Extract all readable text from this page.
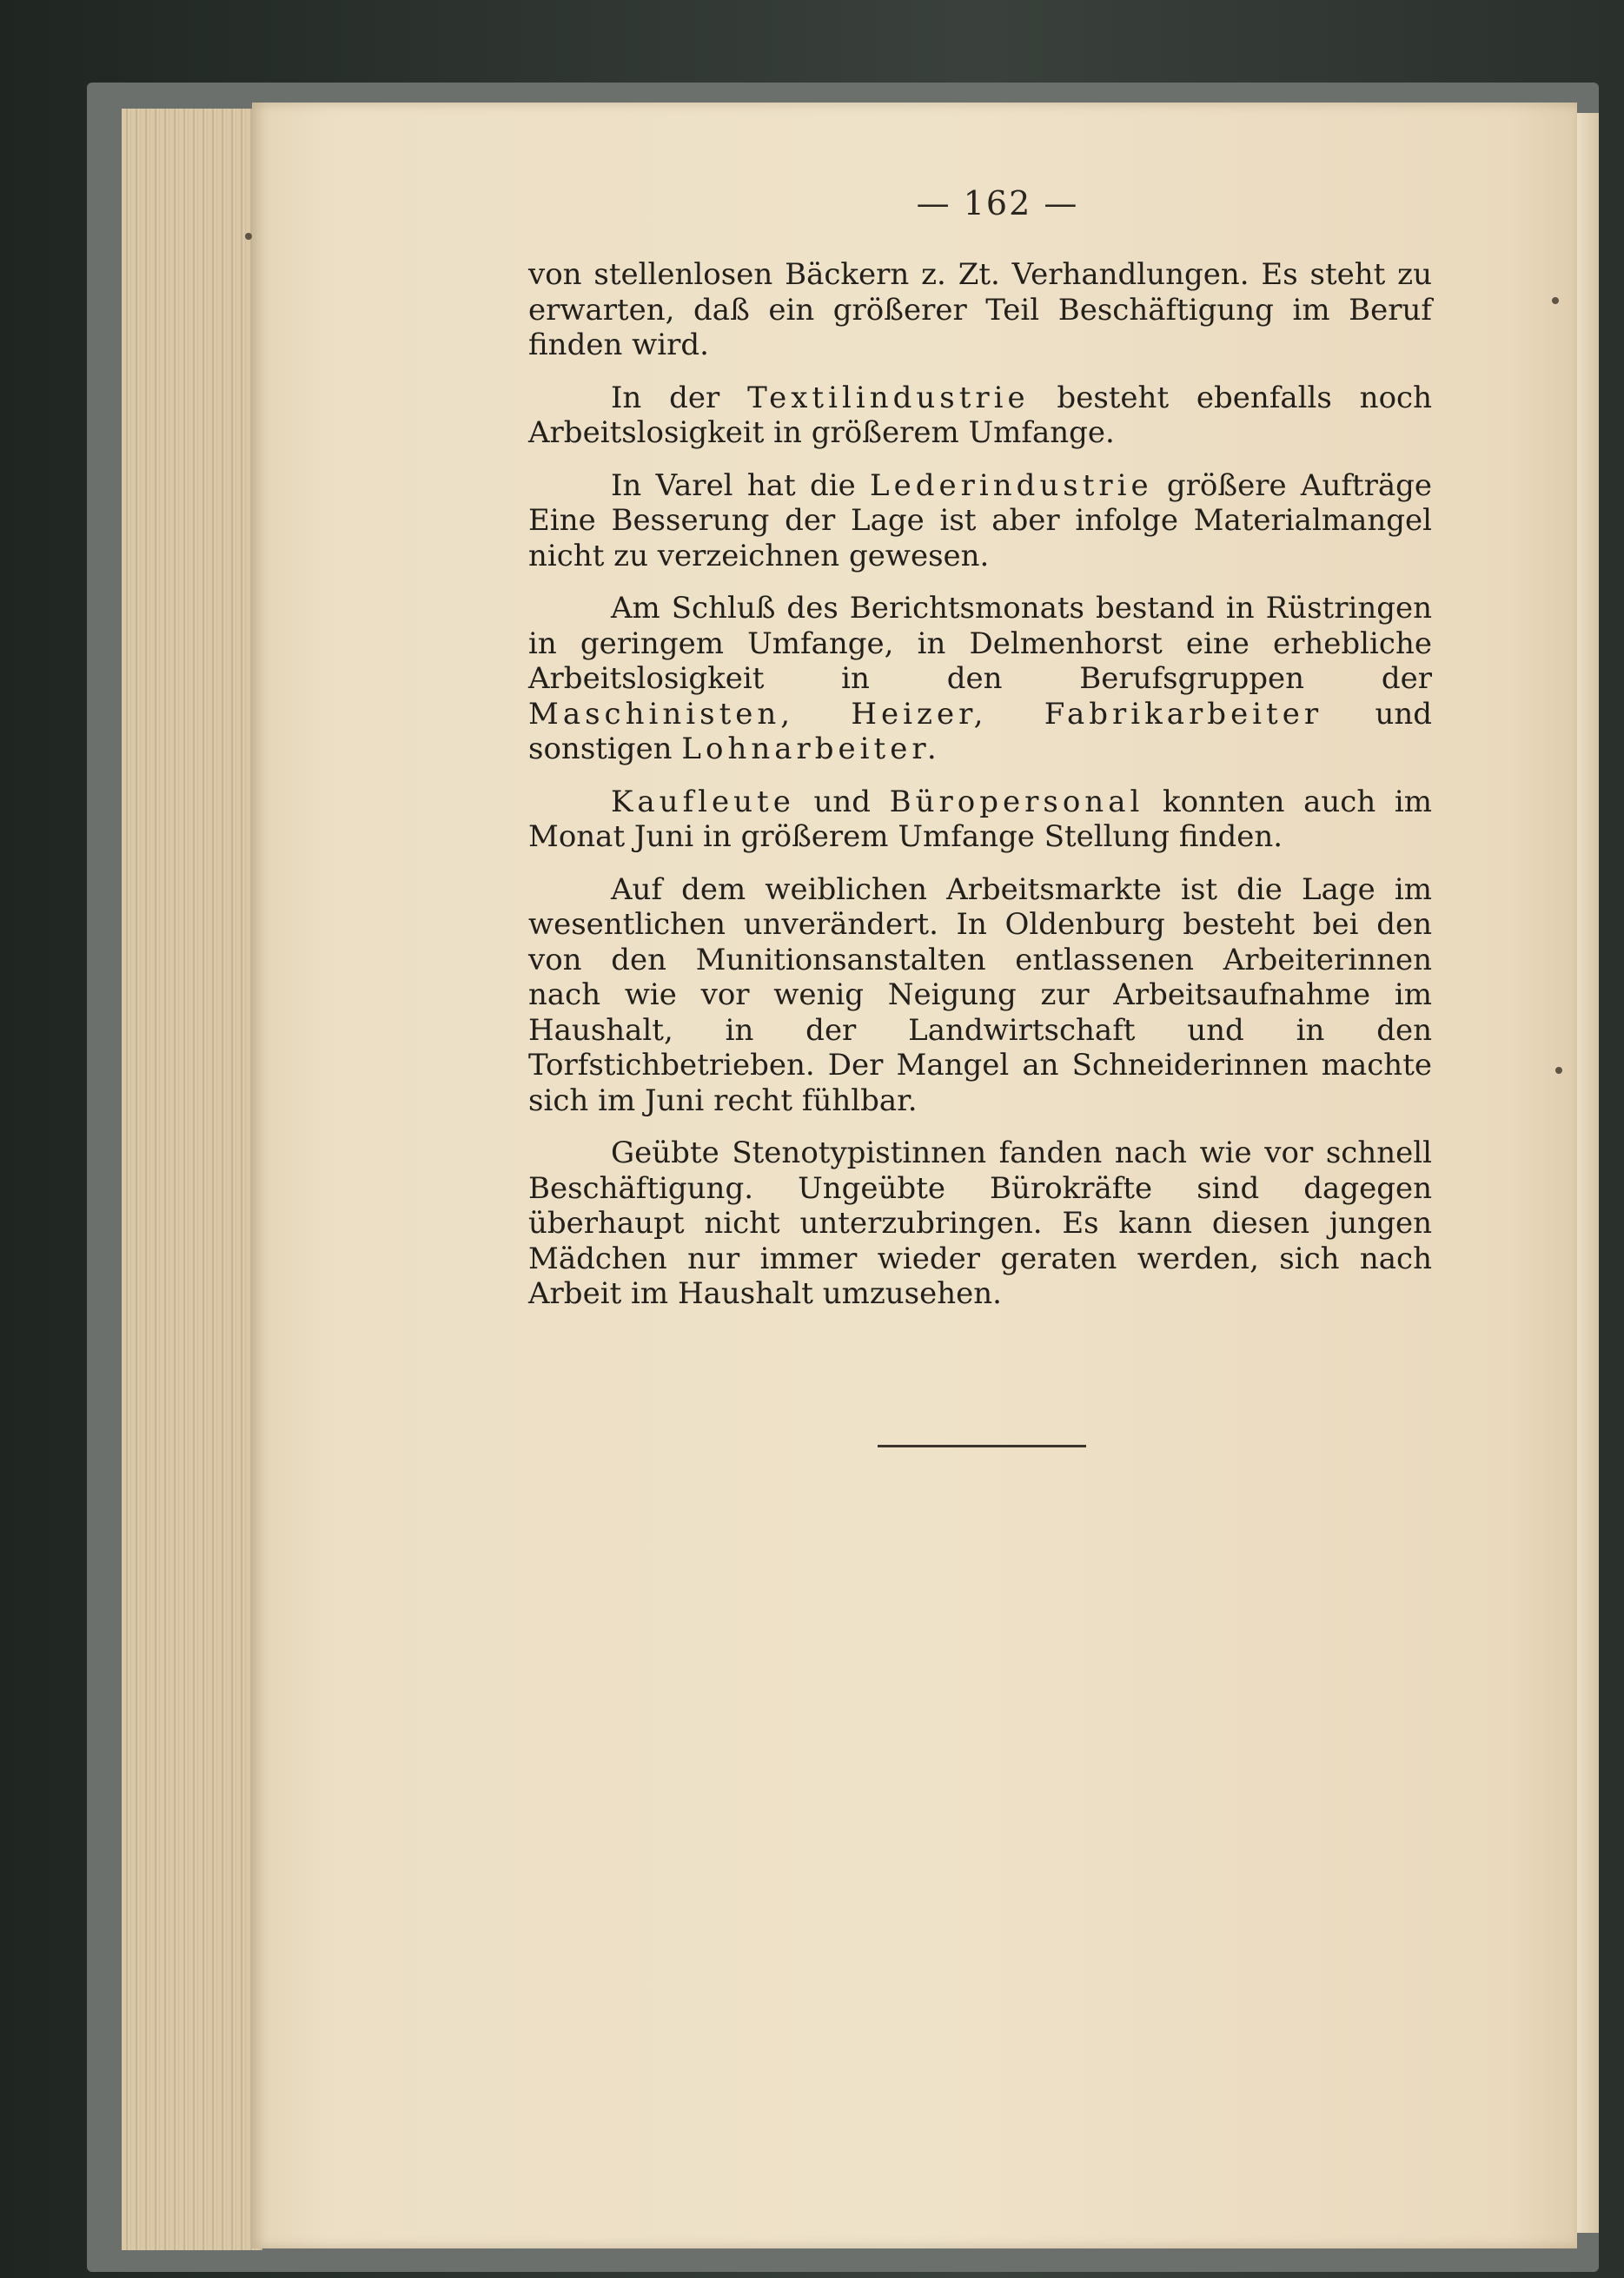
— 162 —

von stellenlosen Bäckern z. Zt. Verhandlungen. Es steht zu erwarten, daß ein größerer Teil Beschäftigung im Beruf finden wird.

In der Textilindustrie besteht ebenfalls noch Arbeitslosigkeit in größerem Umfange.

In Varel hat die Lederindustrie größere Aufträge Eine Besserung der Lage ist aber infolge Materialmangel nicht zu verzeichnen gewesen.

Am Schluß des Berichtsmonats bestand in Rüstringen in geringem Umfange, in Delmenhorst eine erhebliche Arbeitslosigkeit in den Berufsgruppen der Maschinisten, Heizer, Fabrikarbeiter und sonstigen Lohnarbeiter.

Kaufleute und Büropersonal konnten auch im Monat Juni in größerem Umfange Stellung finden.

Auf dem weiblichen Arbeitsmarkte ist die Lage im wesentlichen unverändert. In Oldenburg besteht bei den von den Munitionsanstalten entlassenen Arbeiterinnen nach wie vor wenig Neigung zur Arbeitsaufnahme im Haushalt, in der Landwirtschaft und in den Torfstichbetrieben. Der Mangel an Schneiderinnen machte sich im Juni recht fühlbar.

Geübte Stenotypistinnen fanden nach wie vor schnell Beschäftigung. Ungeübte Bürokräfte sind dagegen überhaupt nicht unterzubringen. Es kann diesen jungen Mädchen nur immer wieder geraten werden, sich nach Arbeit im Haushalt umzusehen.
